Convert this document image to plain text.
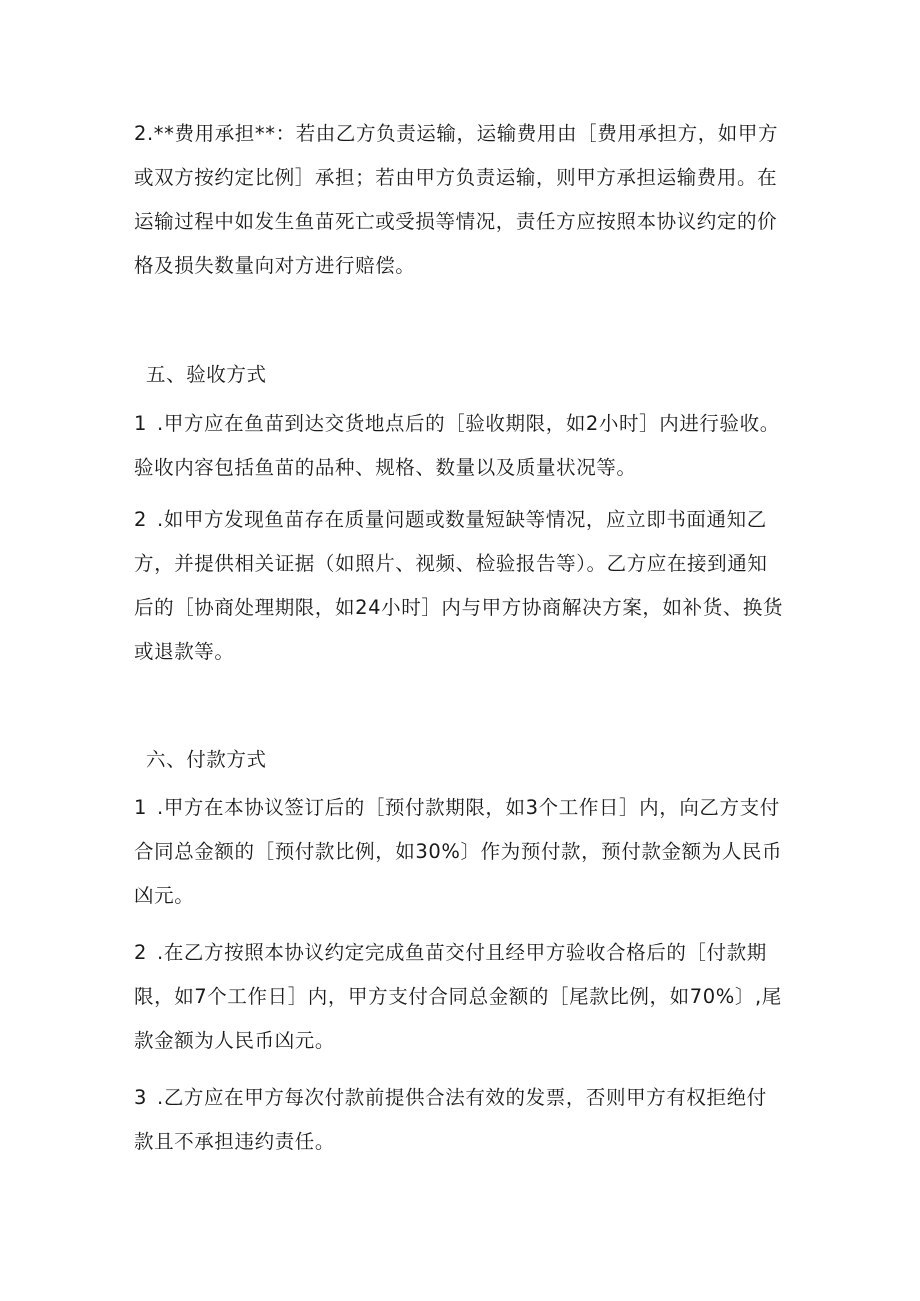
2.**费用承担**：若由乙方负责运输，运输费用由［费用承担方，如甲方或双方按约定比例］承担；若由甲方负责运输，则甲方承担运输费用。在运输过程中如发生鱼苗死亡或受损等情况，责任方应按照本协议约定的价格及损失数量向对方进行赔偿。

五、验收方式

1 .甲方应在鱼苗到达交货地点后的［验收期限，如2小时］内进行验收。验收内容包括鱼苗的品种、规格、数量以及质量状况等。

2 .如甲方发现鱼苗存在质量问题或数量短缺等情况，应立即书面通知乙方，并提供相关证据（如照片、视频、检验报告等）。乙方应在接到通知后的［协商处理期限，如24小时］内与甲方协商解决方案，如补货、换货或退款等。

六、付款方式

1 .甲方在本协议签订后的［预付款期限，如3个工作日］内，向乙方支付合同总金额的［预付款比例，如30%〕作为预付款，预付款金额为人民币凶元。

2 .在乙方按照本协议约定完成鱼苗交付且经甲方验收合格后的［付款期限，如7个工作日］内，甲方支付合同总金额的［尾款比例，如70%〕,尾款金额为人民币凶元。

3 .乙方应在甲方每次付款前提供合法有效的发票，否则甲方有权拒绝付款且不承担违约责任。
